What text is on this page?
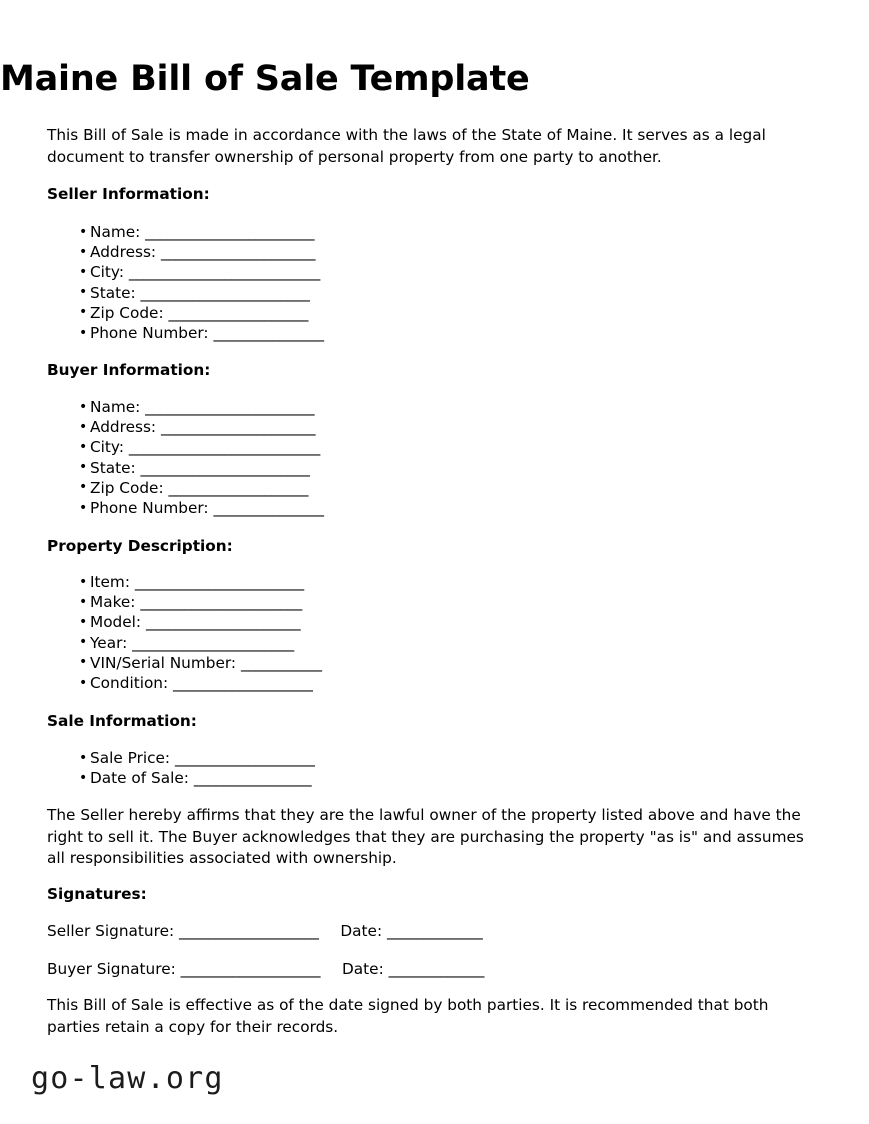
Maine Bill of Sale Template

This Bill of Sale is made in accordance with the laws of the State of Maine. It serves as a legal document to transfer ownership of personal property from one party to another.

Seller Information:
• Name: _______________________
• Address: _____________________
• City: __________________________
• State: _______________________
• Zip Code: ___________________
• Phone Number: _______________
Buyer Information:
• Name: _______________________
• Address: _____________________
• City: __________________________
• State: _______________________
• Zip Code: ___________________
• Phone Number: _______________
Property Description:
• Item: _______________________
• Make: ______________________
• Model: _____________________
• Year: ______________________
• VIN/Serial Number: ___________
• Condition: ___________________
Sale Information:
• Sale Price: ___________________
• Date of Sale: ________________

The Seller hereby affirms that they are the lawful owner of the property listed above and have the right to sell it. The Buyer acknowledges that they are purchasing the property "as is" and assumes all responsibilities associated with ownership.

Signatures:
Seller Signature: ___________________ Date: _____________
Buyer Signature: ___________________ Date: _____________

This Bill of Sale is effective as of the date signed by both parties. It is recommended that both parties retain a copy for their records.

go-law.org
